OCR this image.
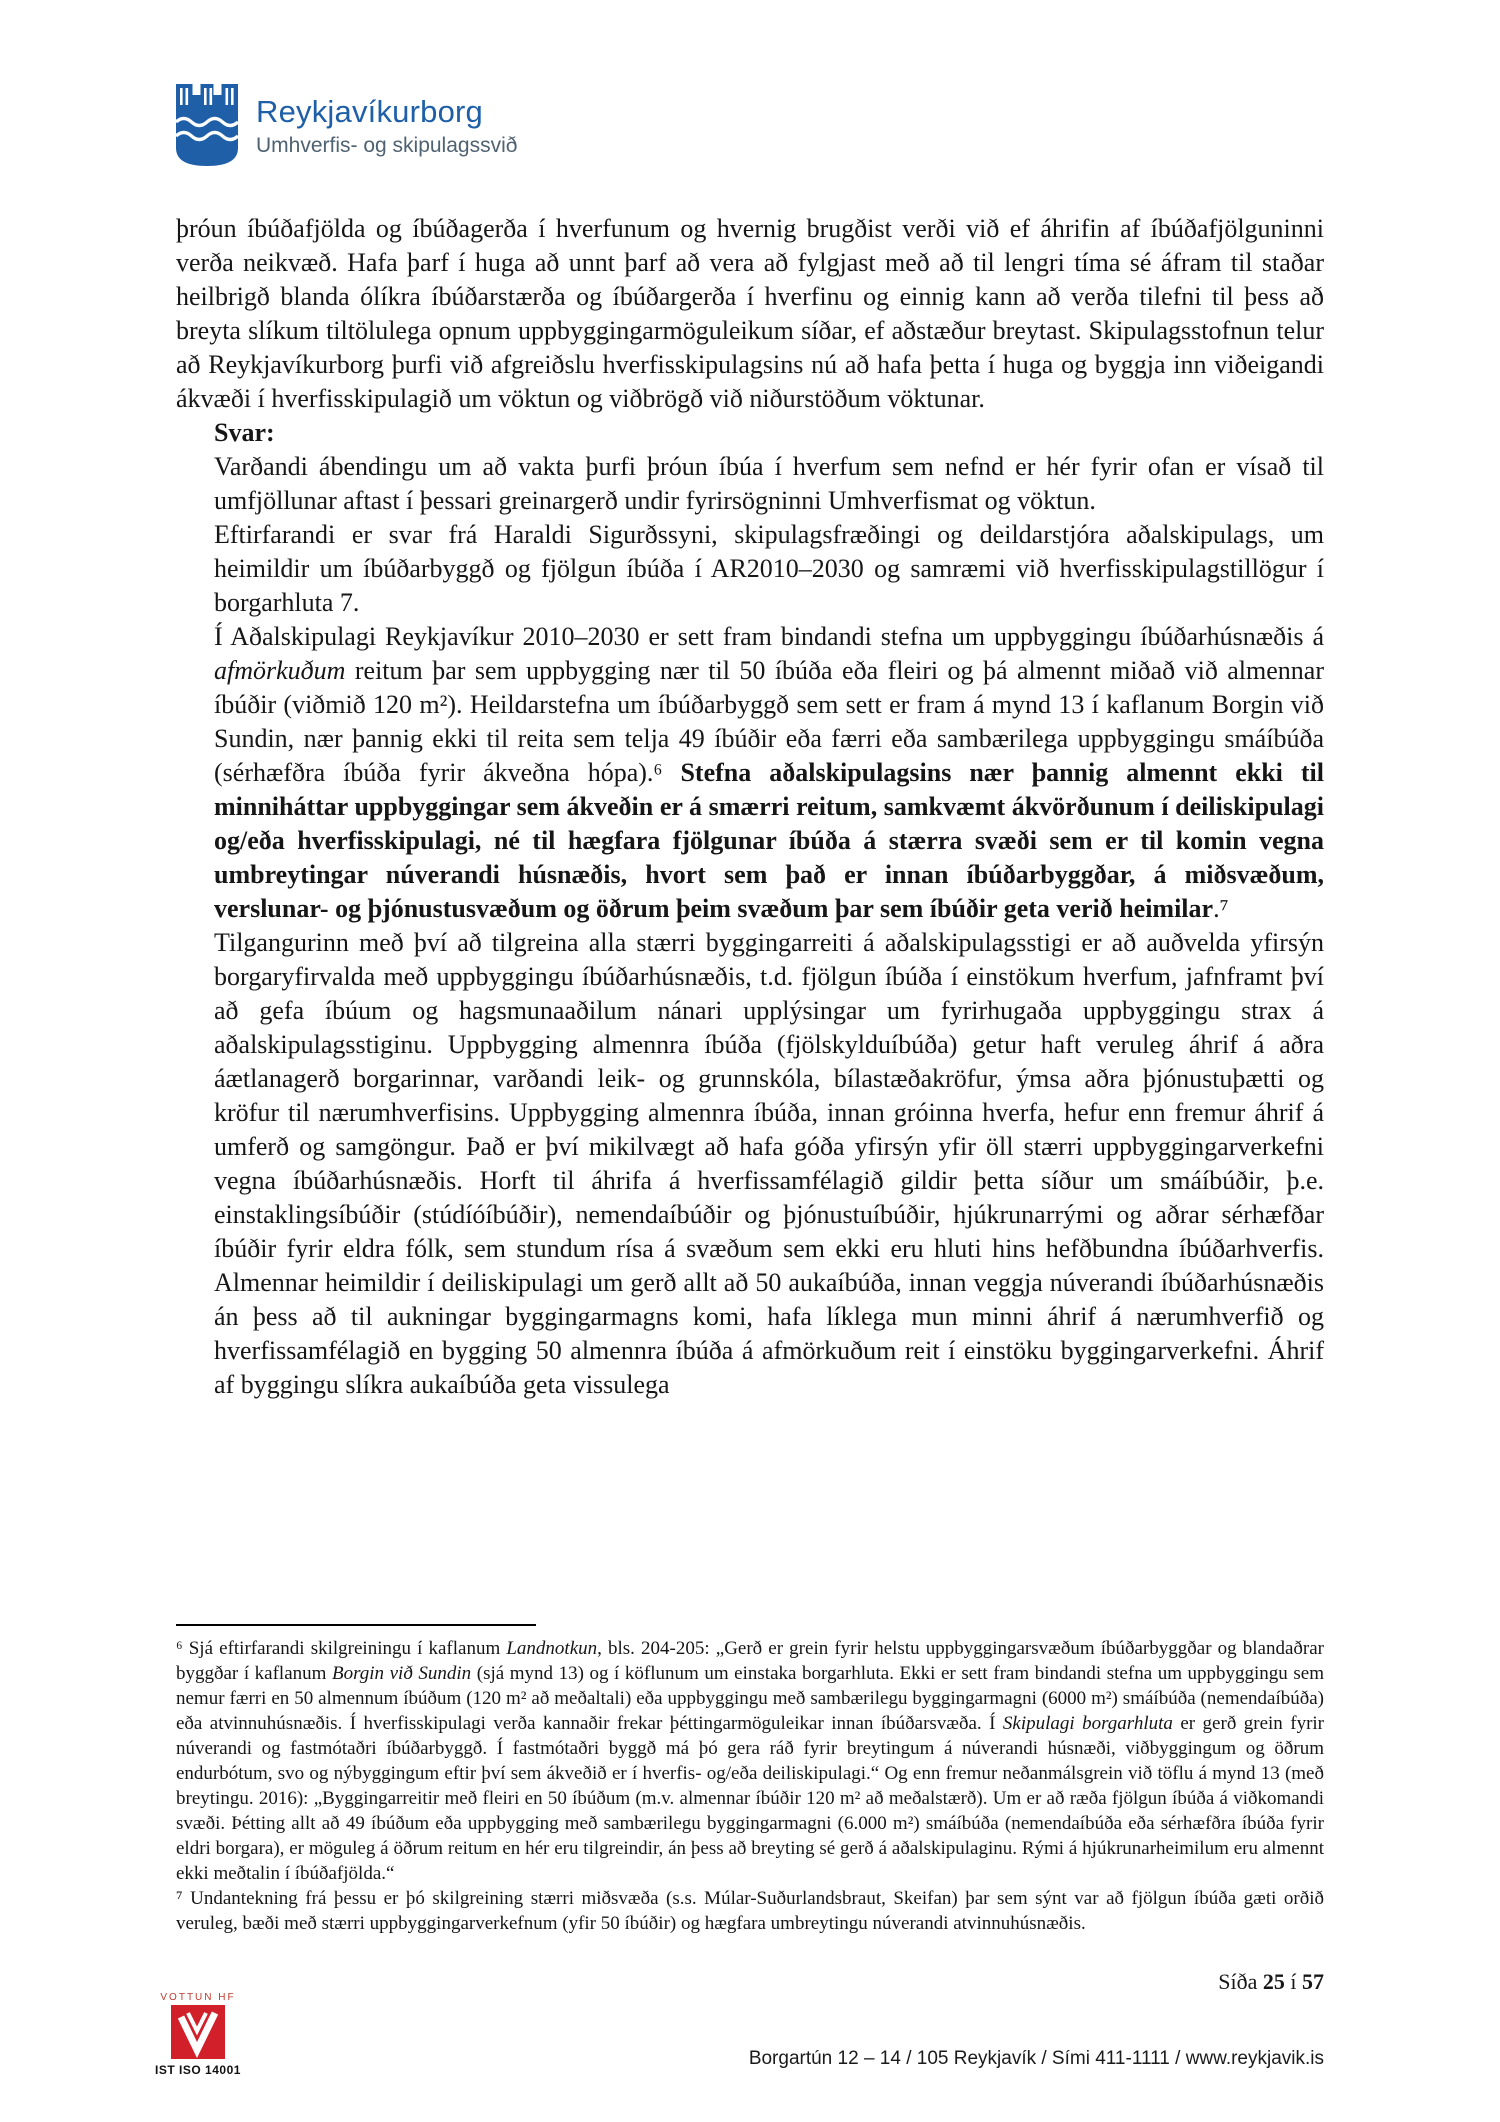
Reykjavíkurborg
Umhverfis- og skipulagssvið

þróun íbúðafjölda og íbúðagerða í hverfunum og hvernig brugðist verði við ef áhrifin af íbúðafjölguninni verða neikvæð. Hafa þarf í huga að unnt þarf að vera að fylgjast með að til lengri tíma sé áfram til staðar heilbrigð blanda ólíkra íbúðarstærða og íbúðargerða í hverfinu og einnig kann að verða tilefni til þess að breyta slíkum tiltölulega opnum uppbyggingarmöguleikum síðar, ef aðstæður breytast. Skipulagsstofnun telur að Reykjavíkurborg þurfi við afgreiðslu hverfisskipulagsins nú að hafa þetta í huga og byggja inn viðeigandi ákvæði í hverfisskipulagið um vöktun og viðbrögð við niðurstöðum vöktunar.

Svar:

Varðandi ábendingu um að vakta þurfi þróun íbúa í hverfum sem nefnd er hér fyrir ofan er vísað til umfjöllunar aftast í þessari greinargerð undir fyrirsögninni Umhverfismat og vöktun.

Eftirfarandi er svar frá Haraldi Sigurðssyni, skipulagsfræðingi og deildarstjóra aðalskipulags, um heimildir um íbúðarbyggð og fjölgun íbúða í AR2010–2030 og samræmi við hverfisskipulagstillögur í borgarhluta 7.

Í Aðalskipulagi Reykjavíkur 2010–2030 er sett fram bindandi stefna um uppbyggingu íbúðarhúsnæðis á afmörkuðum reitum þar sem uppbygging nær til 50 íbúða eða fleiri og þá almennt miðað við almennar íbúðir (viðmið 120 m²). Heildarstefna um íbúðarbyggð sem sett er fram á mynd 13 í kaflanum Borgin við Sundin, nær þannig ekki til reita sem telja 49 íbúðir eða færri eða sambærilega uppbyggingu smáíbúða (sérhæfðra íbúða fyrir ákveðna hópa).⁶ Stefna aðalskipulagsins nær þannig almennt ekki til minniháttar uppbyggingar sem ákveðin er á smærri reitum, samkvæmt ákvörðunum í deiliskipulagi og/eða hverfisskipulagi, né til hægfara fjölgunar íbúða á stærra svæði sem er til komin vegna umbreytingar núverandi húsnæðis, hvort sem það er innan íbúðarbyggðar, á miðsvæðum, verslunar- og þjónustusvæðum og öðrum þeim svæðum þar sem íbúðir geta verið heimilar.⁷

Tilgangurinn með því að tilgreina alla stærri byggingarreiti á aðalskipulagsstigi er að auðvelda yfirsýn borgaryfirvalda með uppbyggingu íbúðarhúsnæðis, t.d. fjölgun íbúða í einstökum hverfum, jafnframt því að gefa íbúum og hagsmunaaðilum nánari upplýsingar um fyrirhugaða uppbyggingu strax á aðalskipulagsstiginu. Uppbygging almennra íbúða (fjölskylduíbúða) getur haft veruleg áhrif á aðra áætlanagerð borgarinnar, varðandi leik- og grunnskóla, bílastæðakröfur, ýmsa aðra þjónustuþætti og kröfur til nærumhverfisins. Uppbygging almennra íbúða, innan gróinna hverfa, hefur enn fremur áhrif á umferð og samgöngur. Það er því mikilvægt að hafa góða yfirsýn yfir öll stærri uppbyggingarverkefni vegna íbúðarhúsnæðis. Horft til áhrifa á hverfissamfélagið gildir þetta síður um smáíbúðir, þ.e. einstaklingsíbúðir (stúdíóíbúðir), nemendaíbúðir og þjónustuíbúðir, hjúkrunarrými og aðrar sérhæfðar íbúðir fyrir eldra fólk, sem stundum rísa á svæðum sem ekki eru hluti hins hefðbundna íbúðarhverfis. Almennar heimildir í deiliskipulagi um gerð allt að 50 aukaíbúða, innan veggja núverandi íbúðarhúsnæðis án þess að til aukningar byggingarmagns komi, hafa líklega mun minni áhrif á nærumhverfið og hverfissamfélagið en bygging 50 almennra íbúða á afmörkuðum reit í einstöku byggingarverkefni. Áhrif af byggingu slíkra aukaíbúða geta vissulega

⁶ Sjá eftirfarandi skilgreiningu í kaflanum Landnotkun, bls. 204-205: „Gerð er grein fyrir helstu uppbyggingarsvæðum íbúðarbyggðar og blandaðrar byggðar í kaflanum Borgin við Sundin (sjá mynd 13) og í köflunum um einstaka borgarhluta. Ekki er sett fram bindandi stefna um uppbyggingu sem nemur færri en 50 almennum íbúðum (120 m² að meðaltali) eða uppbyggingu með sambærilegu byggingarmagni (6000 m²) smáíbúða (nemendaíbúða) eða atvinnuhúsnæðis. Í hverfisskipulagi verða kannaðir frekar þéttingarmöguleikar innan íbúðarsvæða. Í Skipulagi borgarhluta er gerð grein fyrir núverandi og fastmótaðri íbúðarbyggð. Í fastmótaðri byggð má þó gera ráð fyrir breytingum á núverandi húsnæði, viðbyggingum og öðrum endurbótum, svo og nýbyggingum eftir því sem ákveðið er í hverfis- og/eða deiliskipulagi.“ Og enn fremur neðanmálsgrein við töflu á mynd 13 (með breytingu. 2016): „Byggingarreitir með fleiri en 50 íbúðum (m.v. almennar íbúðir 120 m² að meðalstærð). Um er að ræða fjölgun íbúða á viðkomandi svæði. Þétting allt að 49 íbúðum eða uppbygging með sambærilegu byggingarmagni (6.000 m²) smáíbúða (nemendaíbúða eða sérhæfðra íbúða fyrir eldri borgara), er möguleg á öðrum reitum en hér eru tilgreindir, án þess að breyting sé gerð á aðalskipulaginu. Rými á hjúkrunarheimilum eru almennt ekki meðtalin í íbúðafjölda.“

⁷ Undantekning frá þessu er þó skilgreining stærri miðsvæða (s.s. Múlar-Suðurlandsbraut, Skeifan) þar sem sýnt var að fjölgun íbúða gæti orðið veruleg, bæði með stærri uppbyggingarverkefnum (yfir 50 íbúðir) og hægfara umbreytingu núverandi atvinnuhúsnæðis.

Síða 25 í 57
VOTTUN HF
IST ISO 14001
Borgartún 12 – 14 / 105 Reykjavík / Sími 411-1111 / www.reykjavik.is
